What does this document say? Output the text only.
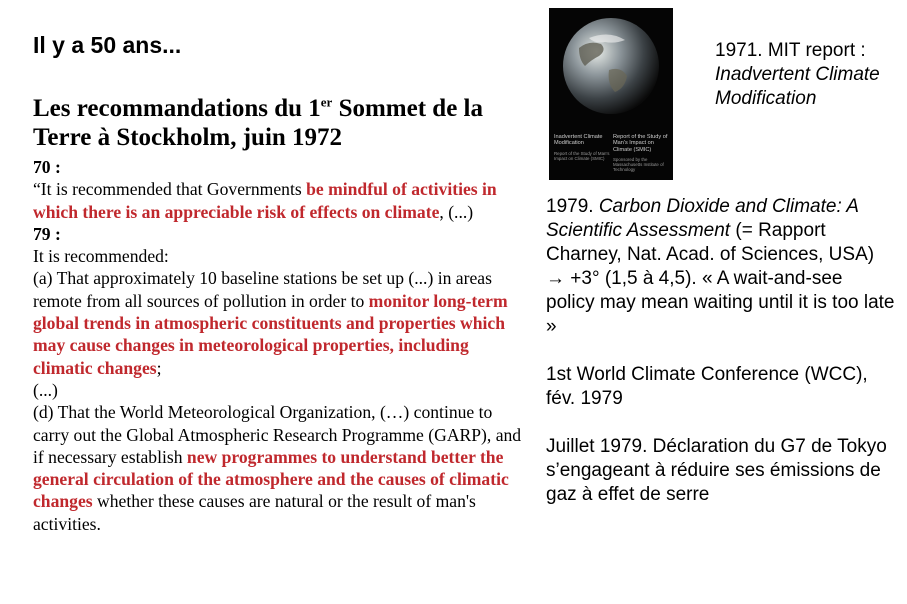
Il y a 50 ans...
Les recommandations du 1er Sommet de la Terre à Stockholm, juin 1972
70 :

“It is recommended that Governments be mindful of activities in which there is an appreciable risk of effects on climate, (...)

79 :
It is recommended:

(a) That approximately 10 baseline stations be set up (...) in areas remote from all sources of pollution in order to monitor long-term global trends in atmospheric constituents and properties which may cause changes in meteorological properties, including climatic changes;

(...)

(d) That the World Meteorological Organization, (…) continue to carry out the Global Atmospheric Research Programme (GARP), and if necessary establish new programmes to understand better the general circulation of the atmosphere and the causes of climatic changes whether these causes are natural or the result of man's activities.

Inadvertent Climate Modification
Report of the Study of Man's Impact on Climate (SMIC)
Report of the Study of Man's Impact on Climate (SMIC)
Sponsored by the Massachusetts Institute of Technology
1971. MIT report :
Inadvertent Climate Modification

1979. Carbon Dioxide and Climate: A Scientific Assessment (= Rapport Charney, Nat. Acad. of Sciences, USA) → +3° (1,5 à 4,5). « A wait-and-see policy may mean waiting until it is too late »

1st World Climate Conference (WCC), fév. 1979

Juillet 1979. Déclaration du G7 de Tokyo s’engageant à réduire ses émissions de gaz à effet de serre
